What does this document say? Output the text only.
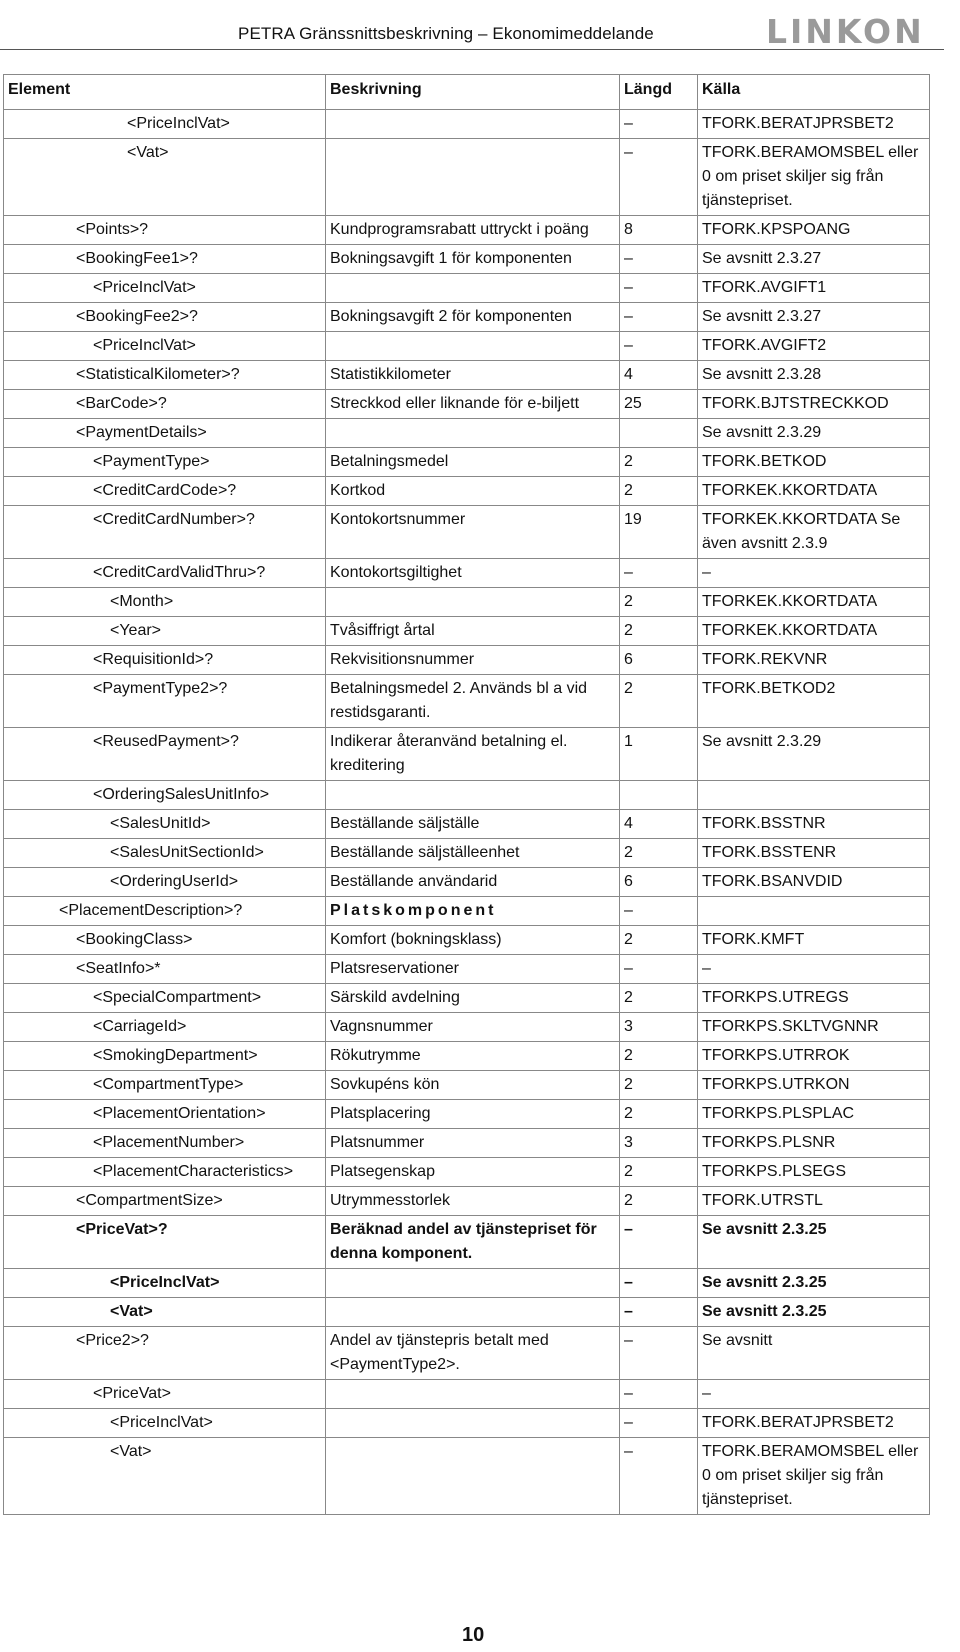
PETRA Gränssnittsbeskrivning – Ekonomimeddelande	LINKON
Element	Beskrivning	Längd	Källa
<PriceInclVat>		–	TFORK.BERATJPRSBET2
<Vat>		–	TFORK.BERAMOMSBEL eller 0 om priset skiljer sig från tjänstepriset.
<Points>?	Kundprogramsrabatt uttryckt i poäng	8	TFORK.KPSPOANG
<BookingFee1>?	Bokningsavgift 1 för komponenten	–	Se avsnitt 2.3.27
<PriceInclVat>		–	TFORK.AVGIFT1
<BookingFee2>?	Bokningsavgift 2 för komponenten	–	Se avsnitt 2.3.27
<PriceInclVat>		–	TFORK.AVGIFT2
<StatisticalKilometer>?	Statistikkilometer	4	Se avsnitt 2.3.28
<BarCode>?	Streckkod eller liknande för e-biljett	25	TFORK.BJTSTRECKKOD
<PaymentDetails>			Se avsnitt 2.3.29
<PaymentType>	Betalningsmedel	2	TFORK.BETKOD
<CreditCardCode>?	Kortkod	2	TFORKEK.KKORTDATA
<CreditCardNumber>?	Kontokortsnummer	19	TFORKEK.KKORTDATA Se även avsnitt 2.3.9
<CreditCardValidThru>?	Kontokortsgiltighet	–	–
<Month>		2	TFORKEK.KKORTDATA
<Year>	Tvåsiffrigt årtal	2	TFORKEK.KKORTDATA
<RequisitionId>?	Rekvisitionsnummer	6	TFORK.REKVNR
<PaymentType2>?	Betalningsmedel 2. Används bl a vid restidsgaranti.	2	TFORK.BETKOD2
<ReusedPayment>?	Indikerar återanvänd betalning el. kreditering	1	Se avsnitt 2.3.29
<OrderingSalesUnitInfo>			
<SalesUnitId>	Beställande säljställe	4	TFORK.BSSTNR
<SalesUnitSectionId>	Beställande säljställeenhet	2	TFORK.BSSTENR
<OrderingUserId>	Beställande användarid	6	TFORK.BSANVDID
<PlacementDescription>?	Platskomponent	–	
<BookingClass>	Komfort (bokningsklass)	2	TFORK.KMFT
<SeatInfo>*	Platsreservationer	–	–
<SpecialCompartment>	Särskild avdelning	2	TFORKPS.UTREGS
<CarriageId>	Vagnsnummer	3	TFORKPS.SKLTVGNNR
<SmokingDepartment>	Rökutrymme	2	TFORKPS.UTRROK
<CompartmentType>	Sovkupéns kön	2	TFORKPS.UTRKON
<PlacementOrientation>	Platsplacering	2	TFORKPS.PLSPLAC
<PlacementNumber>	Platsnummer	3	TFORKPS.PLSNR
<PlacementCharacteristics>	Platsegenskap	2	TFORKPS.PLSEGS
<CompartmentSize>	Utrymmesstorlek	2	TFORK.UTRSTL
<PriceVat>?	Beräknad andel av tjänstepriset för denna komponent.	–	Se avsnitt 2.3.25
<PriceInclVat>		–	Se avsnitt 2.3.25
<Vat>		–	Se avsnitt 2.3.25
<Price2>?	Andel av tjänstepris betalt med <PaymentType2>.	–	Se avsnitt
<PriceVat>		–	–
<PriceInclVat>		–	TFORK.BERATJPRSBET2
<Vat>		–	TFORK.BERAMOMSBEL eller 0 om priset skiljer sig från tjänstepriset.
10
